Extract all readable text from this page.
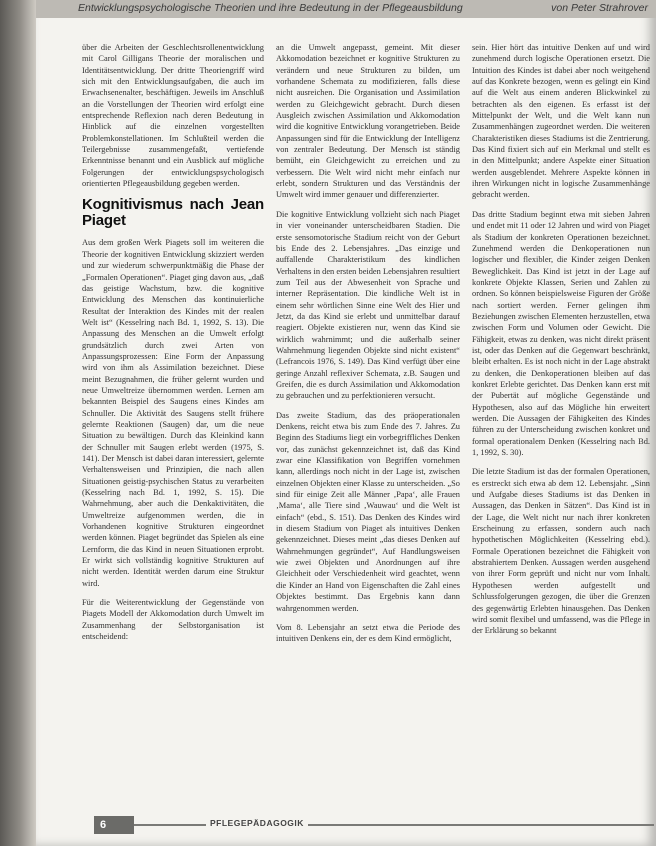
Entwicklungspsychologische Theorien und ihre Bedeutung in der Pflegeausbildung	von Peter Strahrover

über die Arbeiten der Geschlechtsrollenentwicklung mit Carol Gilligans Theorie der moralischen und Identitätsentwicklung. Der dritte Theoriengriff wird sich mit den Entwicklungsaufgaben, die auch im Erwachsenenalter, beschäftigen. Jeweils im Anschluß an die Vorstellungen der Theorien wird erfolgt eine entsprechende Reflexion nach deren Bedeutung in Hinblick auf die einzelnen vorgestellten Problemkonstellationen. Im Schlußteil werden die Teilergebnisse zusammengefaßt, vertiefende Erkenntnisse benannt und ein Ausblick auf mögliche Folgerungen der entwicklungspsychologisch orientierten Pflegeausbildung gegeben werden.

Kognitivismus nach Jean Piaget

Aus dem großen Werk Piagets soll im weiteren die Theorie der kognitiven Entwicklung skizziert werden und zur wiederum schwerpunktmäßig die Phase der „Formalen Operationen“. Piaget ging davon aus, „daß das geistige Wachstum, bzw. die kognitive Entwicklung des Menschen das kontinuierliche Resultat der Interaktion des Kindes mit der realen Welt ist“ (Kesselring nach Bd. 1, 1992, S. 13). Die Anpassung des Menschen an die Umwelt erfolgt grundsätzlich durch zwei Arten von Anpassungsprozessen: Eine Form der Anpassung wird von ihm als Assimilation bezeichnet. Diese meint Bezugnahmen, die früher gelernt wurden und neue Umweltreize übernommen werden. Lernen am bekannten Beispiel des Saugens eines Kindes am Schnuller. Die Aktivität des Saugens stellt frühere gelernte Reaktionen (Saugen) dar, um die neue Situation zu bewältigen. Durch das Kleinkind kann der Schnuller mit Saugen erlebt werden (1975, S. 141). Der Mensch ist dabei daran interessiert, gelernte Verhaltensweisen und Prinzipien, die nach allen Situationen geistig-psychischen Status zu verarbeiten (Kesselring nach Bd. 1, 1992, S. 15). Die Wahrnehmung, aber auch die Denkaktivitäten, die Umweltreize aufgenommen werden, die in Vorhandenen kognitive Strukturen eingeordnet werden können. Piaget begründet das Spielen als eine Lernform, die das Kind in neuen Situationen erprobt. Er wirkt sich vollständig kognitive Strukturen auf nicht werden. Identität werden darum eine Struktur wird.

Für die Weiterentwicklung der Gegenstände von Piagets Modell der Akkomodation durch Umwelt im Zusammenhang der Selbstorganisation ist entscheidend:

an die Umwelt angepasst, gemeint. Mit dieser Akkomodation bezeichnet er kognitive Strukturen zu verändern und neue Strukturen zu bilden, um vorhandene Schemata zu modifizieren, falls diese nicht ausreichen. Die Organisation und Assimilation werden zu Gleichgewicht gebracht. Durch diesen Ausgleich zwischen Assimilation und Akkomodation wird die kognitive Entwicklung vorangetrieben. Beide Anpassungen sind für die Entwicklung der Intelligenz von zentraler Bedeutung. Der Mensch ist ständig bemüht, ein Gleichgewicht zu erreichen und zu verbessern. Die Welt wird nicht mehr einfach nur erlebt, sondern Strukturen und das Verständnis der Umwelt wird immer genauer und differenzierter.

Die kognitive Entwicklung vollzieht sich nach Piaget in vier voneinander unterscheidbaren Stadien. Die erste sensomotorische Stadium reicht von der Geburt bis Ende des 2. Lebensjahres. „Das einzige und auffallende Charakteristikum des kindlichen Verhaltens in den ersten beiden Lebensjahren resultiert zum Teil aus der Abwesenheit von Sprache und interner Repräsentation. Die kindliche Welt ist in einem sehr wörtlichen Sinne eine Welt des Hier und Jetzt, da das Kind sie erlebt und unmittelbar darauf reagiert. Objekte existieren nur, wenn das Kind sie wirklich wahrnimmt; und die außerhalb seiner Wahrnehmung liegenden Objekte sind nicht existent“ (Lefrancois 1976, S. 149). Das Kind verfügt über eine geringe Anzahl reflexiver Schemata, z.B. Saugen und Greifen, die es durch Assimilation und Akkomodation zu gebrauchen und zu perfektionieren versucht.

Das zweite Stadium, das des präoperationalen Denkens, reicht etwa bis zum Ende des 7. Jahres. Zu Beginn des Stadiums liegt ein vorbegriffliches Denken vor, das zunächst gekennzeichnet ist, daß das Kind zwar eine Klassifikation von Begriffen vornehmen kann, allerdings noch nicht in der Lage ist, zwischen einzelnen Objekten einer Klasse zu unterscheiden. „So sind für einige Zeit alle Männer ‚Papa‘, alle Frauen ‚Mama‘, alle Tiere sind ‚Wauwau‘ und die Welt ist einfach“ (ebd., S. 151). Das Denken des Kindes wird in diesem Stadium von Piaget als intuitives Denken gekennzeichnet. Dieses meint „das dieses Denken auf Wahrnehmungen gegründet“, Auf Handlungsweisen wie zwei Objekten und Anordnungen auf ihre Gleichheit oder Verschiedenheit wird geachtet, wenn die Kinder an Hand von Eigenschaften die Zahl eines Objektes bestimmt. Das Ergebnis kann dann wahrgenommen werden.

Vom 8. Lebensjahr an setzt etwa die Periode des intuitiven Denkens ein, der es dem Kind ermöglicht,

sein. Hier hört das intuitive Denken auf und wird zunehmend durch logische Operationen ersetzt. Die Intuition des Kindes ist dabei aber noch weitgehend auf das Konkrete bezogen, wenn es gelingt ein Kind auf die Welt aus einem anderen Blickwinkel zu betrachten als den eigenen. Es erfasst ist der Mittelpunkt der Welt, und die Welt kann nun Zusammenhängen zugeordnet werden. Die weiteren Charakteristiken dieses Stadiums ist die Zentrierung. Das Kind fixiert sich auf ein Merkmal und stellt es in den Mittelpunkt; andere Aspekte einer Situation werden ausgeblendet. Mehrere Aspekte können in ihren Wirkungen nicht in logische Zusammenhänge gebracht werden.

Das dritte Stadium beginnt etwa mit sieben Jahren und endet mit 11 oder 12 Jahren und wird von Piaget als Stadium der konkreten Operationen bezeichnet. Zunehmend werden die Denkoperationen nun logischer und flexibler, die Kinder zeigen Denken Beweglichkeit. Das Kind ist jetzt in der Lage auf konkrete Objekte Klassen, Serien und Zahlen zu ordnen. So können beispielsweise Figuren der Größe nach sortiert werden. Ferner gelingen ihm Beziehungen zwischen Elementen herzustellen, etwa zwischen Form und Volumen oder Gewicht. Die Fähigkeit, etwas zu denken, was nicht direkt präsent ist, oder das Denken auf die Gegenwart beschränkt, bleibt erhalten. Es ist noch nicht in der Lage abstrakt zu denken, die Denkoperationen bleiben auf das konkret Erlebte gerichtet. Das Denken kann erst mit der Pubertät auf mögliche Gegenstände und Hypothesen, also auf das Mögliche hin erweitert werden. Die Aussagen der Fähigkeiten des Kindes führen zu der Unterscheidung zwischen konkret und formal operationalem Denken (Kesselring nach Bd. 1, 1992, S. 30).

Die letzte Stadium ist das der formalen Operationen, es erstreckt sich etwa ab dem 12. Lebensjahr. „Sinn und Aufgabe dieses Stadiums ist das Denken in Aussagen, das Denken in Sätzen“. Das Kind ist in der Lage, die Welt nicht nur nach ihrer konkreten Erscheinung zu erfassen, sondern auch nach hypothetischen Möglichkeiten (Kesselring ebd.). Formale Operationen bezeichnet die Fähigkeit von abstrahiertem Denken. Aussagen werden ausgehend von ihrer Form geprüft und nicht nur vom Inhalt. Hypothesen werden aufgestellt und Schlussfolgerungen gezogen, die über die Grenzen des gegenwärtig Erlebten hinausgehen. Das Denken wird somit flexibel und umfassend, was die Pflege in der Erklärung so bekannt

6	PFLEGEPÄDAGOGIK
